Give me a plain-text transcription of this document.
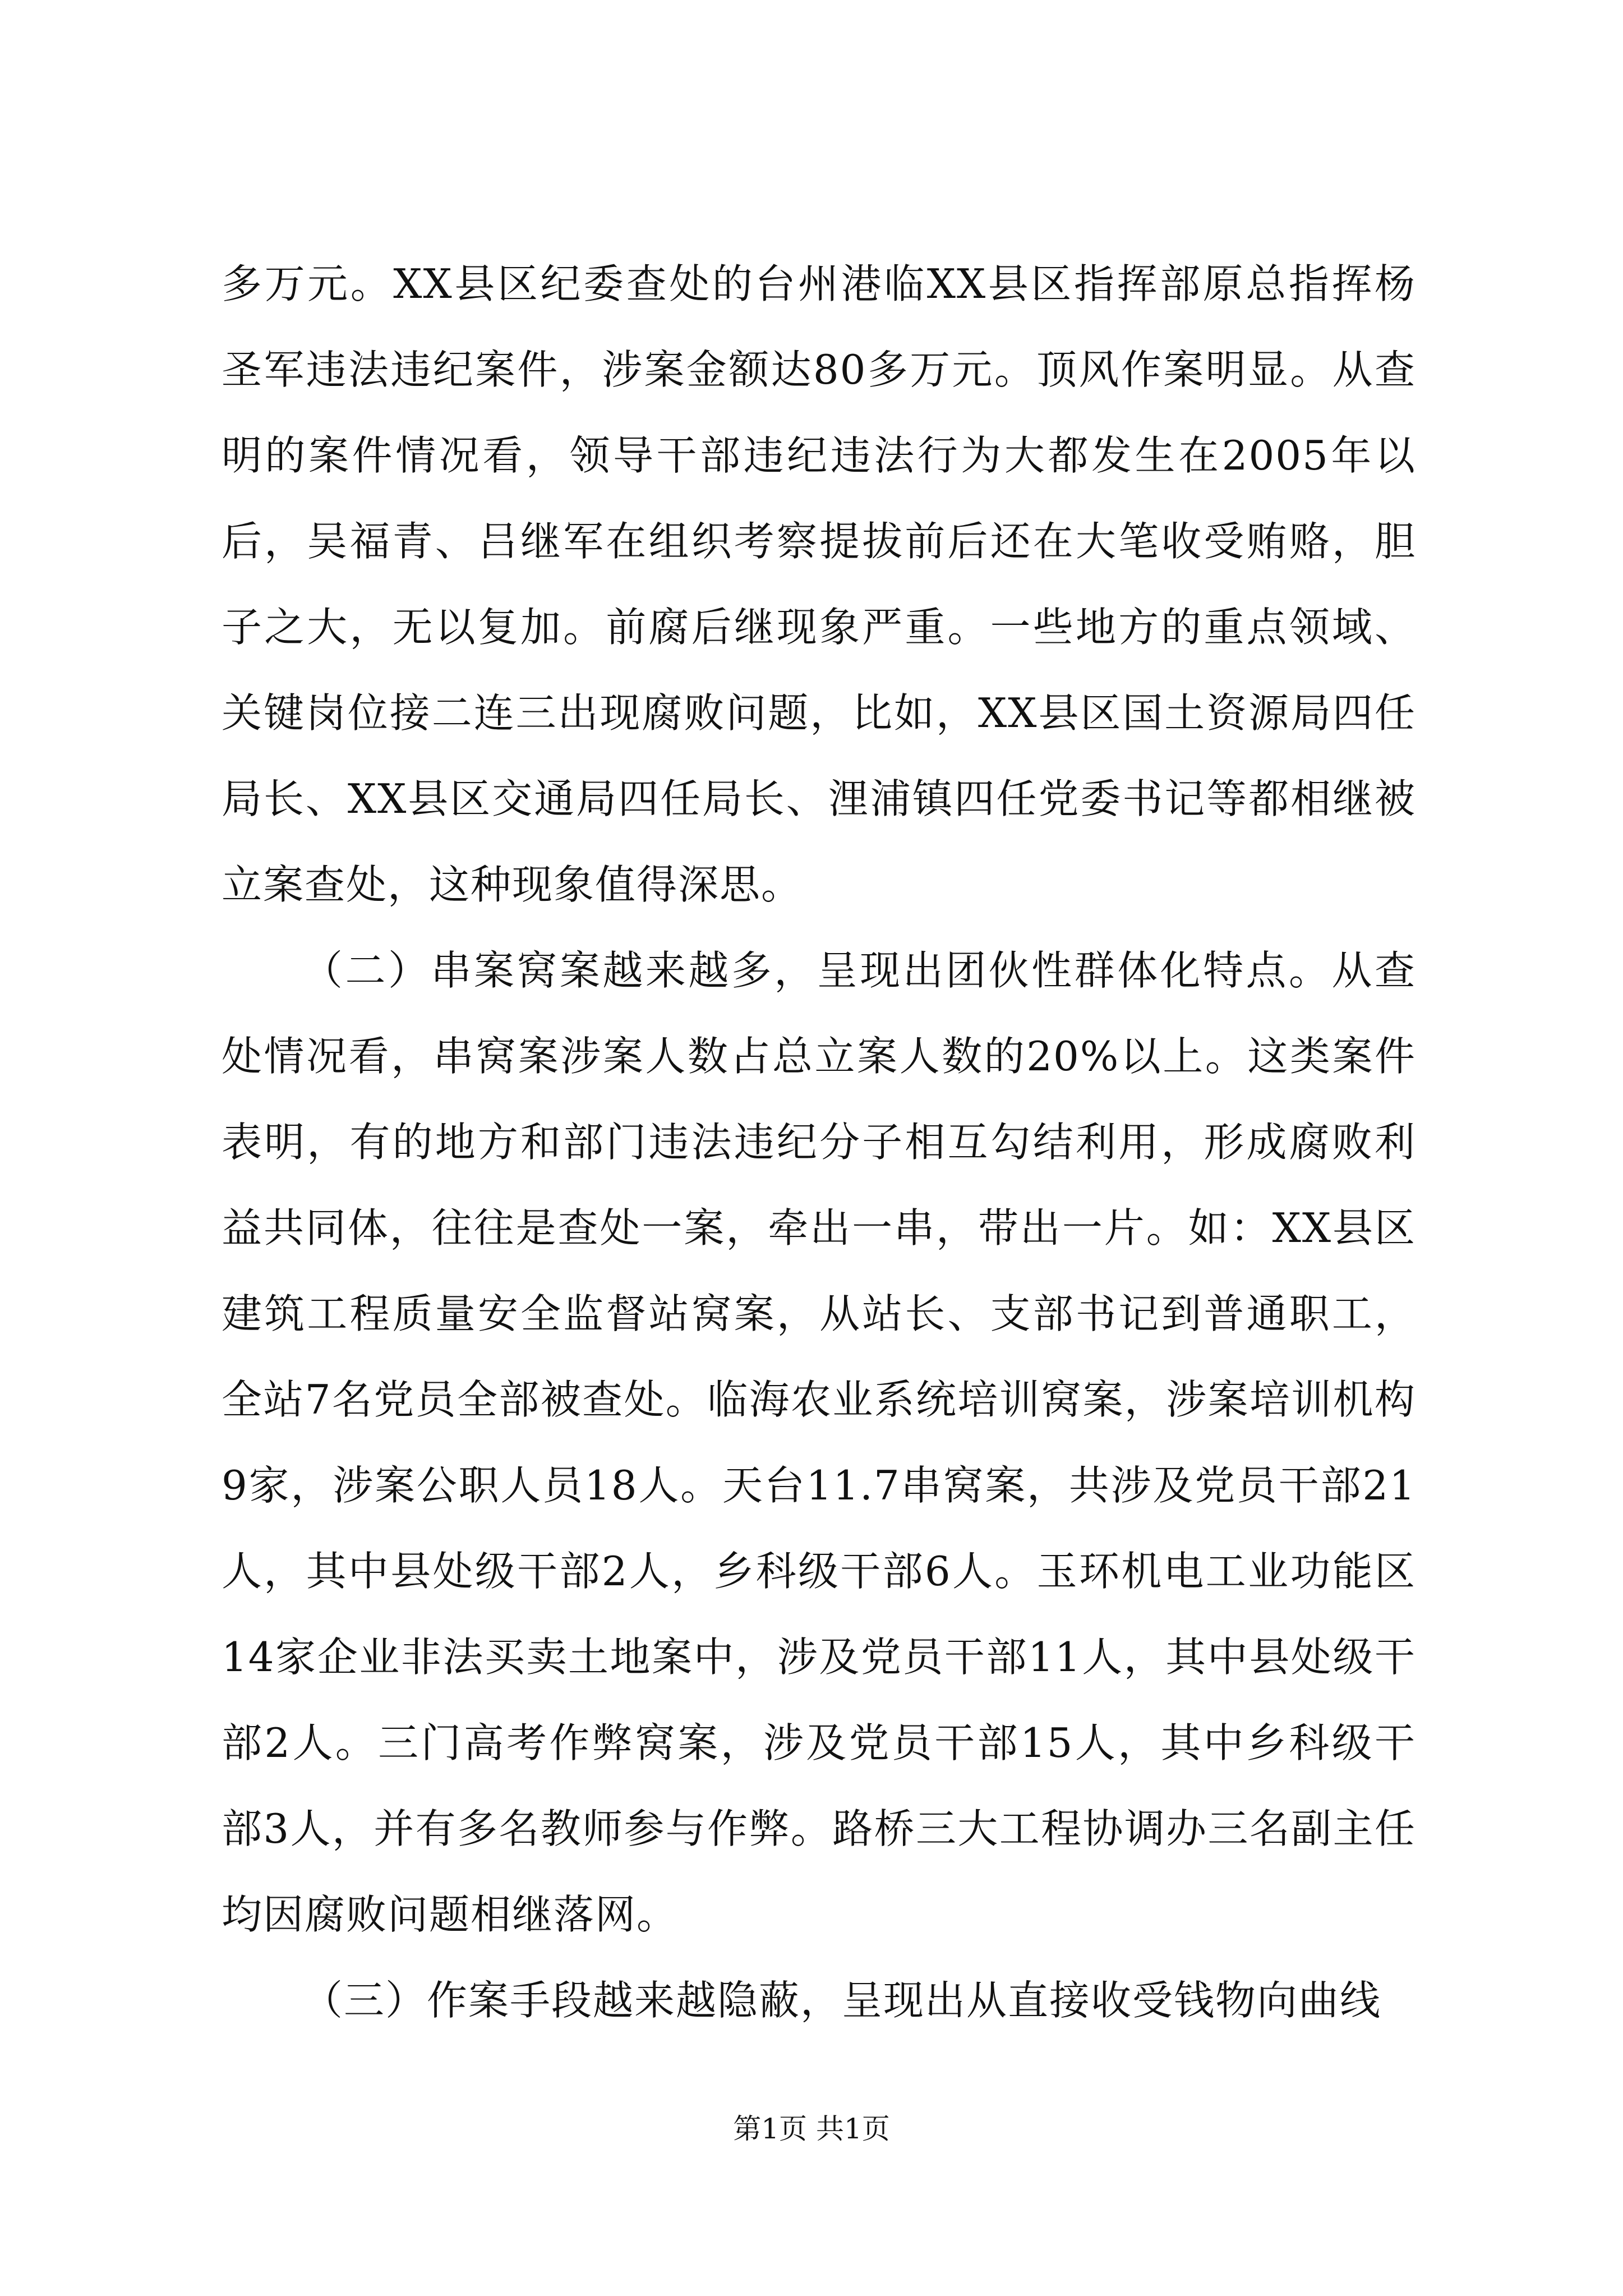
多万元。XX县区纪委查处的台州港临XX县区指挥部原总指挥杨圣军违法违纪案件，涉案金额达80多万元。顶风作案明显。从查明的案件情况看，领导干部违纪违法行为大都发生在2005年以后，吴福青、吕继军在组织考察提拔前后还在大笔收受贿赂，胆子之大，无以复加。前腐后继现象严重。一些地方的重点领域、关键岗位接二连三出现腐败问题，比如，XX县区国土资源局四任局长、XX县区交通局四任局长、浬浦镇四任党委书记等都相继被立案查处，这种现象值得深思。

（二）串案窝案越来越多，呈现出团伙性群体化特点。从查处情况看，串窝案涉案人数占总立案人数的20%以上。这类案件表明，有的地方和部门违法违纪分子相互勾结利用，形成腐败利益共同体，往往是查处一案，牵出一串，带出一片。如：XX县区建筑工程质量安全监督站窝案，从站长、支部书记到普通职工，全站7名党员全部被查处。临海农业系统培训窝案，涉案培训机构9家，涉案公职人员18人。天台11.7串窝案，共涉及党员干部21人，其中县处级干部2人，乡科级干部6人。玉环机电工业功能区14家企业非法买卖土地案中，涉及党员干部11人，其中县处级干部2人。三门高考作弊窝案，涉及党员干部15人，其中乡科级干部3人，并有多名教师参与作弊。路桥三大工程协调办三名副主任均因腐败问题相继落网。

（三）作案手段越来越隐蔽，呈现出从直接收受钱物向曲线

第1页 共1页
